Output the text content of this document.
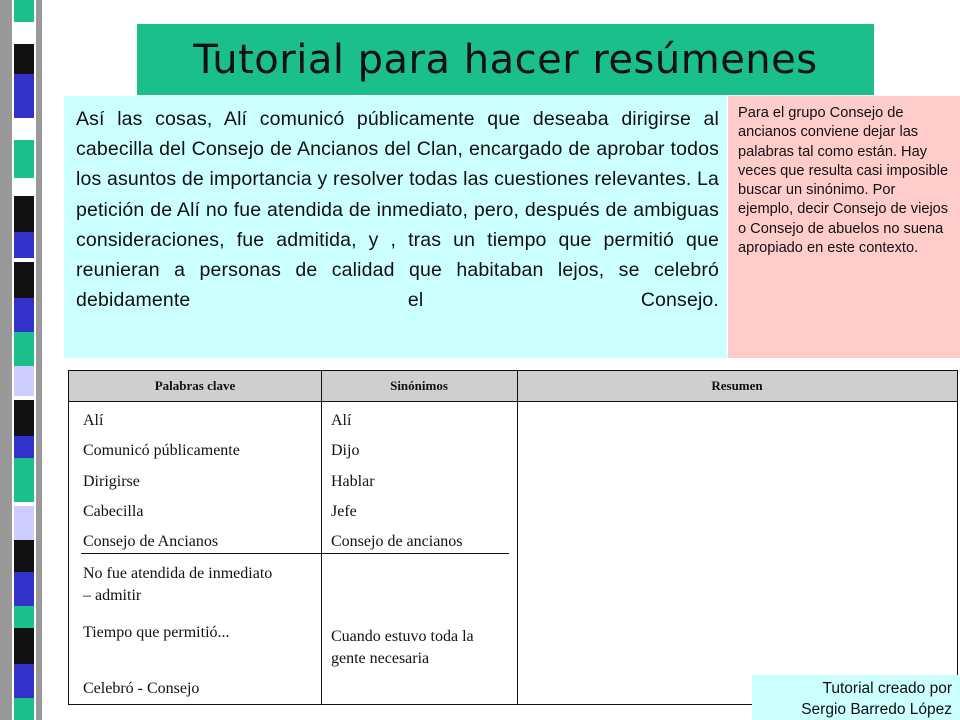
Tutorial para hacer resúmenes

Así las cosas, Alí comunicó públicamente que deseaba dirigirse al cabecilla del Consejo de Ancianos del Clan, encargado de aprobar todos los asuntos de importancia y resolver todas las cuestiones relevantes. La petición de Alí no fue atendida de inmediato, pero, después de ambiguas consideraciones, fue admitida, y , tras un tiempo que permitió que reunieran a personas de calidad que habitaban lejos, se celebró debidamente el Consejo.

Para el grupo Consejo de ancianos conviene dejar las palabras tal como están. Hay veces que resulta casi imposible buscar un sinónimo. Por ejemplo, decir Consejo de viejos o Consejo de abuelos no suena apropiado en este contexto.

Palabras clave	Sinónimos	Resumen
Alí
Comunicó públicamente
Dirigirse
Cabecilla
Consejo de Ancianos
No fue atendida de inmediato – admitir
Tiempo que permitió...
Celebró - Consejo
Alí
Dijo
Hablar
Jefe
Consejo de ancianos
Cuando estuvo toda la gente necesaria
Tutorial creado por
Sergio Barredo López
